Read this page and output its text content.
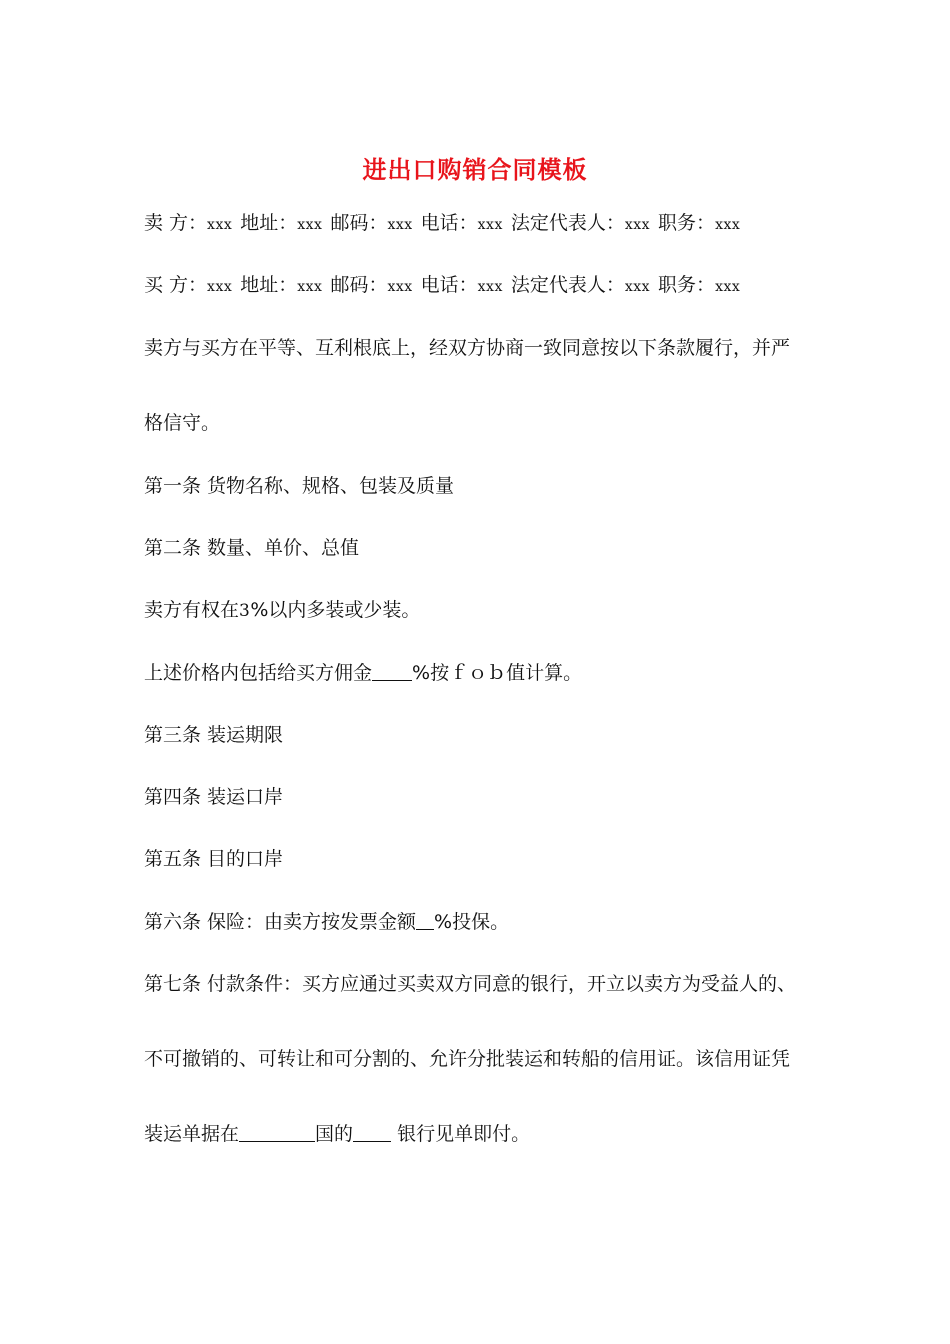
进出口购销合同模板
卖 方：xxx 地址：xxx 邮码：xxx 电话：xxx 法定代表人：xxx 职务：xxx
买 方：xxx 地址：xxx 邮码：xxx 电话：xxx 法定代表人：xxx 职务：xxx
卖方与买方在平等、互利根底上，经双方协商一致同意按以下条款履行，并严
格信守。
第一条 货物名称、规格、包装及质量
第二条 数量、单价、总值
卖方有权在3%以内多装或少装。
上述价格内包括给买方佣金 %按ｆｏｂ值计算。
第三条 装运期限
第四条 装运口岸
第五条 目的口岸
第六条 保险：由卖方按发票金额 %投保。
第七条 付款条件：买方应通过买卖双方同意的银行，开立以卖方为受益人的、
不可撤销的、可转让和可分割的、允许分批装运和转船的信用证。该信用证凭
装运单据在	国的 银行见单即付。
